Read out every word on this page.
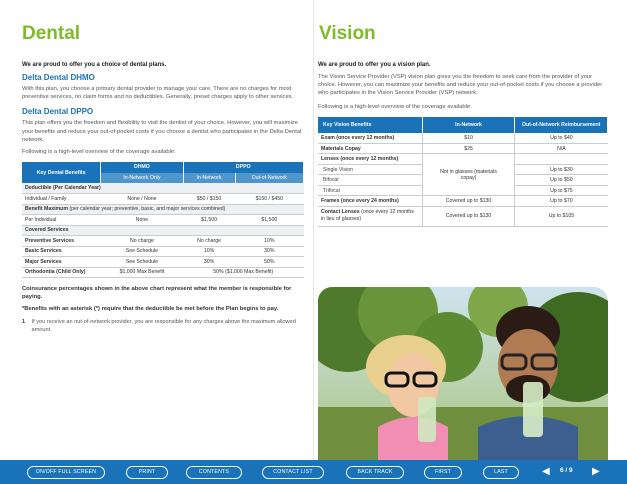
Dental
We are proud to offer you a choice of dental plans.
Delta Dental DHMO

With this plan, you choose a primary dental provider to manage your care. There are no charges for most preventive services, no claim forms and no deductibles. Generally, preset charges apply to other services.

Delta Dental DPPO

This plan offers you the freedom and flexibility to visit the dentist of your choice. However, you will maximize your benefits and reduce your out-of-pocket costs if you choose a dentist who participates in the Delta Dental network.

Following is a high-level overview of the coverage available:

Key Dental Benefits	DHMO	DPPO	
	In-Network Only	In-Network	Out-of-Network
Deductible (Per Calendar Year)			
Individual / Family	None / None	$50 / $150	$150 / $450
Benefit Maximum (per calendar year; preventive, basic, and major services combined)			
Per Individual	None	$1,500	$1,500
Covered Services			
Preventive Services	No charge	No charge	10%
Basic Services	See Schedule	10%	30%
Major Services	See Schedule	30%	50%
Orthodontia (Child Only)	$1,000 Max Benefit	50% ($1,000 Max Benefit)	
Coinsurance percentages shown in the above chart represent what the member is responsible for paying.
*Benefits with an asterisk (*) require that the deductible be met before the Plan begins to pay.
1	If you receive an out-of-network provider, you are responsible for any charges above the maximum allowed amount.
Vision
We are proud to offer you a vision plan.

The Vision Service Provider (VSP) vision plan gives you the freedom to seek care from the provider of your choice. However, you can maximize your benefits and reduce your out-of-pocket costs if you choose a provider who participates in the Vision Service Provider (VSP) network.

Following is a high-level overview of the coverage available:

Key Vision Benefits	In-Network	Out-of-Network Reimbursement
Exam (once every 12 months)	$10	Up to $40
Materials Copay	$25	N/A
Lenses (once every 12 months)	Not in glasses (materials copay)	
Single Vision		Up to $30
Bifocal		Up to $50
Trifocal		Up to $75
Frames (once every 24 months)	Covered up to $130	Up to $70
Contact Lenses (once every 12 months in lieu of glasses)	Covered up to $130	Up to $105
ON/OFF FULL SCREEN	PRINT	CONTENTS	CONTACT LIST	BACK TRACK	FIRST	LAST	◀ 6 / 9 ▶
